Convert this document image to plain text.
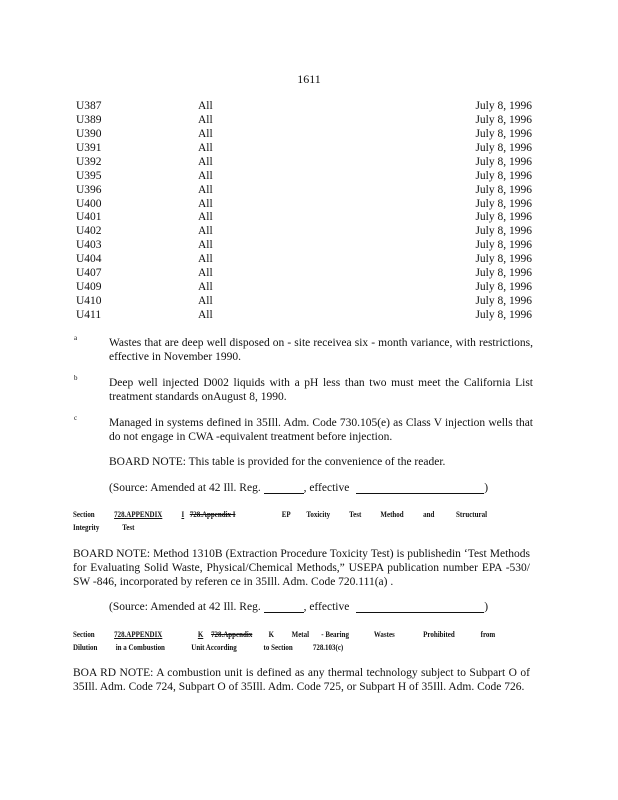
1611
U387	All	July 8, 1996
U389	All	July 8, 1996
U390	All	July 8, 1996
U391	All	July 8, 1996
U392	All	July 8, 1996
U395	All	July 8, 1996
U396	All	July 8, 1996
U400	All	July 8, 1996
U401	All	July 8, 1996
U402	All	July 8, 1996
U403	All	July 8, 1996
U404	All	July 8, 1996
U407	All	July 8, 1996
U409	All	July 8, 1996
U410	All	July 8, 1996
U411	All	July 8, 1996
a	Wastes that are deep well disposed on - site receivea six - month variance, with restrictions, effective in November 1990.
b	Deep well injected D002 liquids with a pH less than two must meet the California List treatment standards onAugust 8, 1990.
c	Managed in systems defined in 35Ill. Adm. Code 730.105(e) as Class V injection wells that do not engage in CWA -equivalent treatment before injection.
BOARD NOTE: This table is provided for the convenience of the reader.
(Source: Amended at 42 Ill. Reg.	, effective	)
Section 728.APPENDIX I 728.Appendix I	EP Toxicity Test Method and	Structural
Integrity	Test
BOARD NOTE: Method 1310B (Extraction Procedure Toxicity Test) is publishedin ‘Test Methods for Evaluating Solid Waste, Physical/Chemical Methods,” USEPA publication number EPA -530/ SW -846, incorporated by referen ce in 35Ill. Adm. Code 720.111(a) .
(Source: Amended at 42 Ill. Reg.	, effective	)
Section 728.APPENDIX	K 728.Appendix K Metal - Bearing	Wastes	Prohibited	from
Dilution in a Combustion	Unit According	to Section 728.103(c)
BOA RD NOTE: A combustion unit is defined as any thermal technology subject to Subpart O of 35Ill. Adm. Code 724, Subpart O of 35Ill. Adm. Code 725, or Subpart H of 35Ill. Adm. Code 726.
